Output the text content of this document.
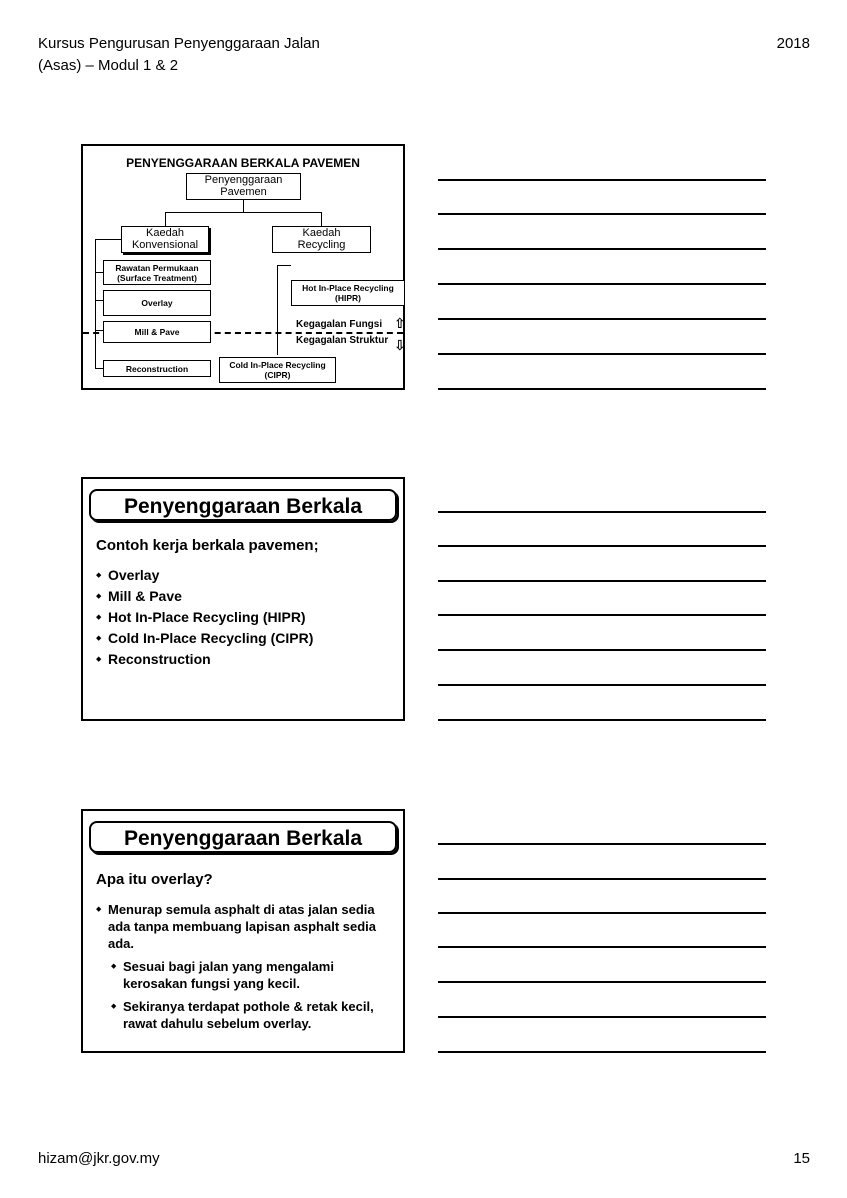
Kursus Pengurusan Penyenggaraan Jalan
(Asas) – Modul 1 & 2
2018
PENYENGGARAAN BERKALA PAVEMEN
Penyenggaraan
Pavemen
Kaedah
Konvensional
Kaedah
Recycling
Rawatan Permukaan
(Surface Treatment)
Overlay
Mill & Pave
Reconstruction
Hot In-Place Recycling
(HIPR)
Cold In-Place Recycling
(CIPR)
Kegagalan Fungsi
Kegagalan Struktur
⇧
⇩
Penyenggaraan Berkala
Contoh kerja berkala pavemen;
◆ Overlay
◆ Mill & Pave
◆ Hot In-Place Recycling (HIPR)
◆ Cold In-Place Recycling (CIPR)
◆ Reconstruction
Penyenggaraan Berkala
Apa itu overlay?
◆ Menurap semula asphalt di atas jalan sedia ada tanpa membuang lapisan asphalt sedia ada.
◆ Sesuai bagi jalan yang mengalami kerosakan fungsi yang kecil.
◆ Sekiranya terdapat pothole & retak kecil, rawat dahulu sebelum overlay.
hizam@jkr.gov.my	15
